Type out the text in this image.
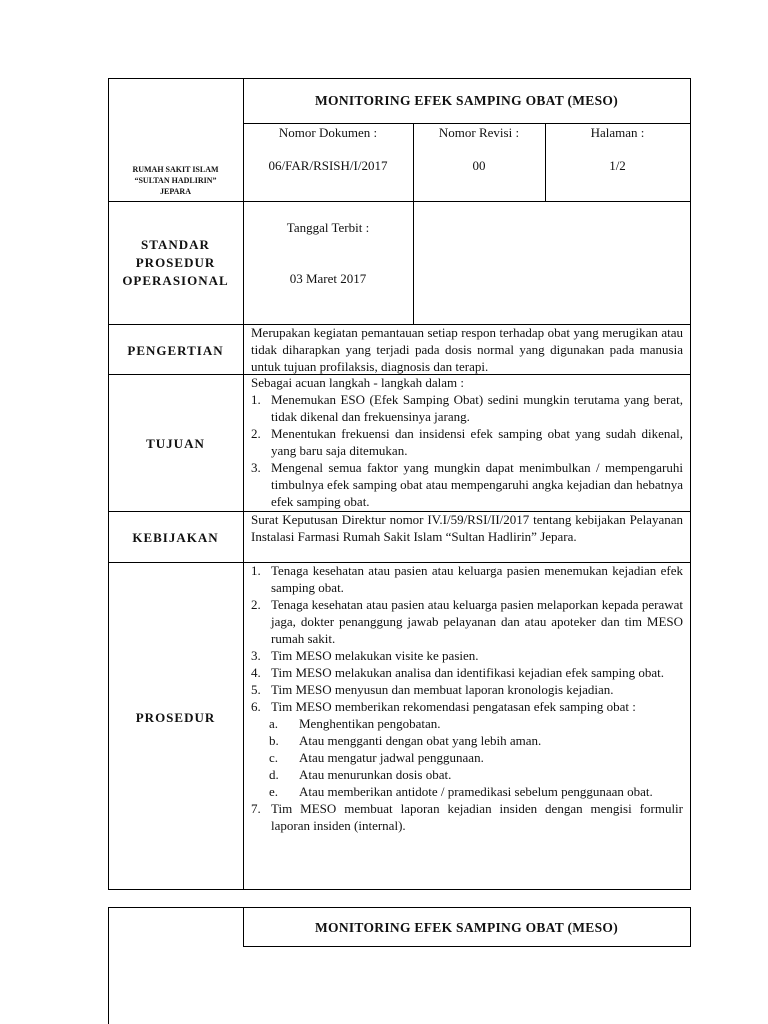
MONITORING EFEK SAMPING OBAT (MESO)
RUMAH SAKIT ISLAM
“SULTAN HADLIRIN”
JEPARA
Nomor Dokumen :
06/FAR/RSISH/I/2017
Nomor Revisi :
00
Halaman :
1/2
STANDAR
PROSEDUR
OPERASIONAL
Tanggal Terbit :
03 Maret 2017
PENGERTIAN
Merupakan kegiatan pemantauan setiap respon terhadap obat yang merugikan atau tidak diharapkan yang terjadi pada dosis normal yang digunakan pada manusia untuk tujuan profilaksis, diagnosis dan terapi.
TUJUAN
Sebagai acuan langkah - langkah dalam :
1. Menemukan ESO (Efek Samping Obat) sedini mungkin terutama yang berat, tidak dikenal dan frekuensinya jarang.
2. Menentukan frekuensi dan insidensi efek samping obat yang sudah dikenal, yang baru saja ditemukan.
3. Mengenal semua faktor yang mungkin dapat menimbulkan / mempengaruhi timbulnya efek samping obat atau mempengaruhi angka kejadian dan hebatnya efek samping obat.
KEBIJAKAN
Surat Keputusan Direktur nomor IV.I/59/RSI/II/2017 tentang kebijakan Pelayanan Instalasi Farmasi Rumah Sakit Islam “Sultan Hadlirin” Jepara.
PROSEDUR
1. Tenaga kesehatan atau pasien atau keluarga pasien menemukan kejadian efek samping obat.
2. Tenaga kesehatan atau pasien atau keluarga pasien melaporkan kepada perawat jaga, dokter penanggung jawab pelayanan dan atau apoteker dan tim MESO rumah sakit.
3. Tim MESO melakukan visite ke pasien.
4. Tim MESO melakukan analisa dan identifikasi kejadian efek samping obat.
5. Tim MESO menyusun dan membuat laporan kronologis kejadian.
6. Tim MESO memberikan rekomendasi pengatasan efek samping obat :
a. Menghentikan pengobatan.
b. Atau mengganti dengan obat yang lebih aman.
c. Atau mengatur jadwal penggunaan.
d. Atau menurunkan dosis obat.
e. Atau memberikan antidote / pramedikasi sebelum penggunaan obat.
7. Tim MESO membuat laporan kejadian insiden dengan mengisi formulir laporan insiden (internal).
MONITORING EFEK SAMPING OBAT (MESO)
